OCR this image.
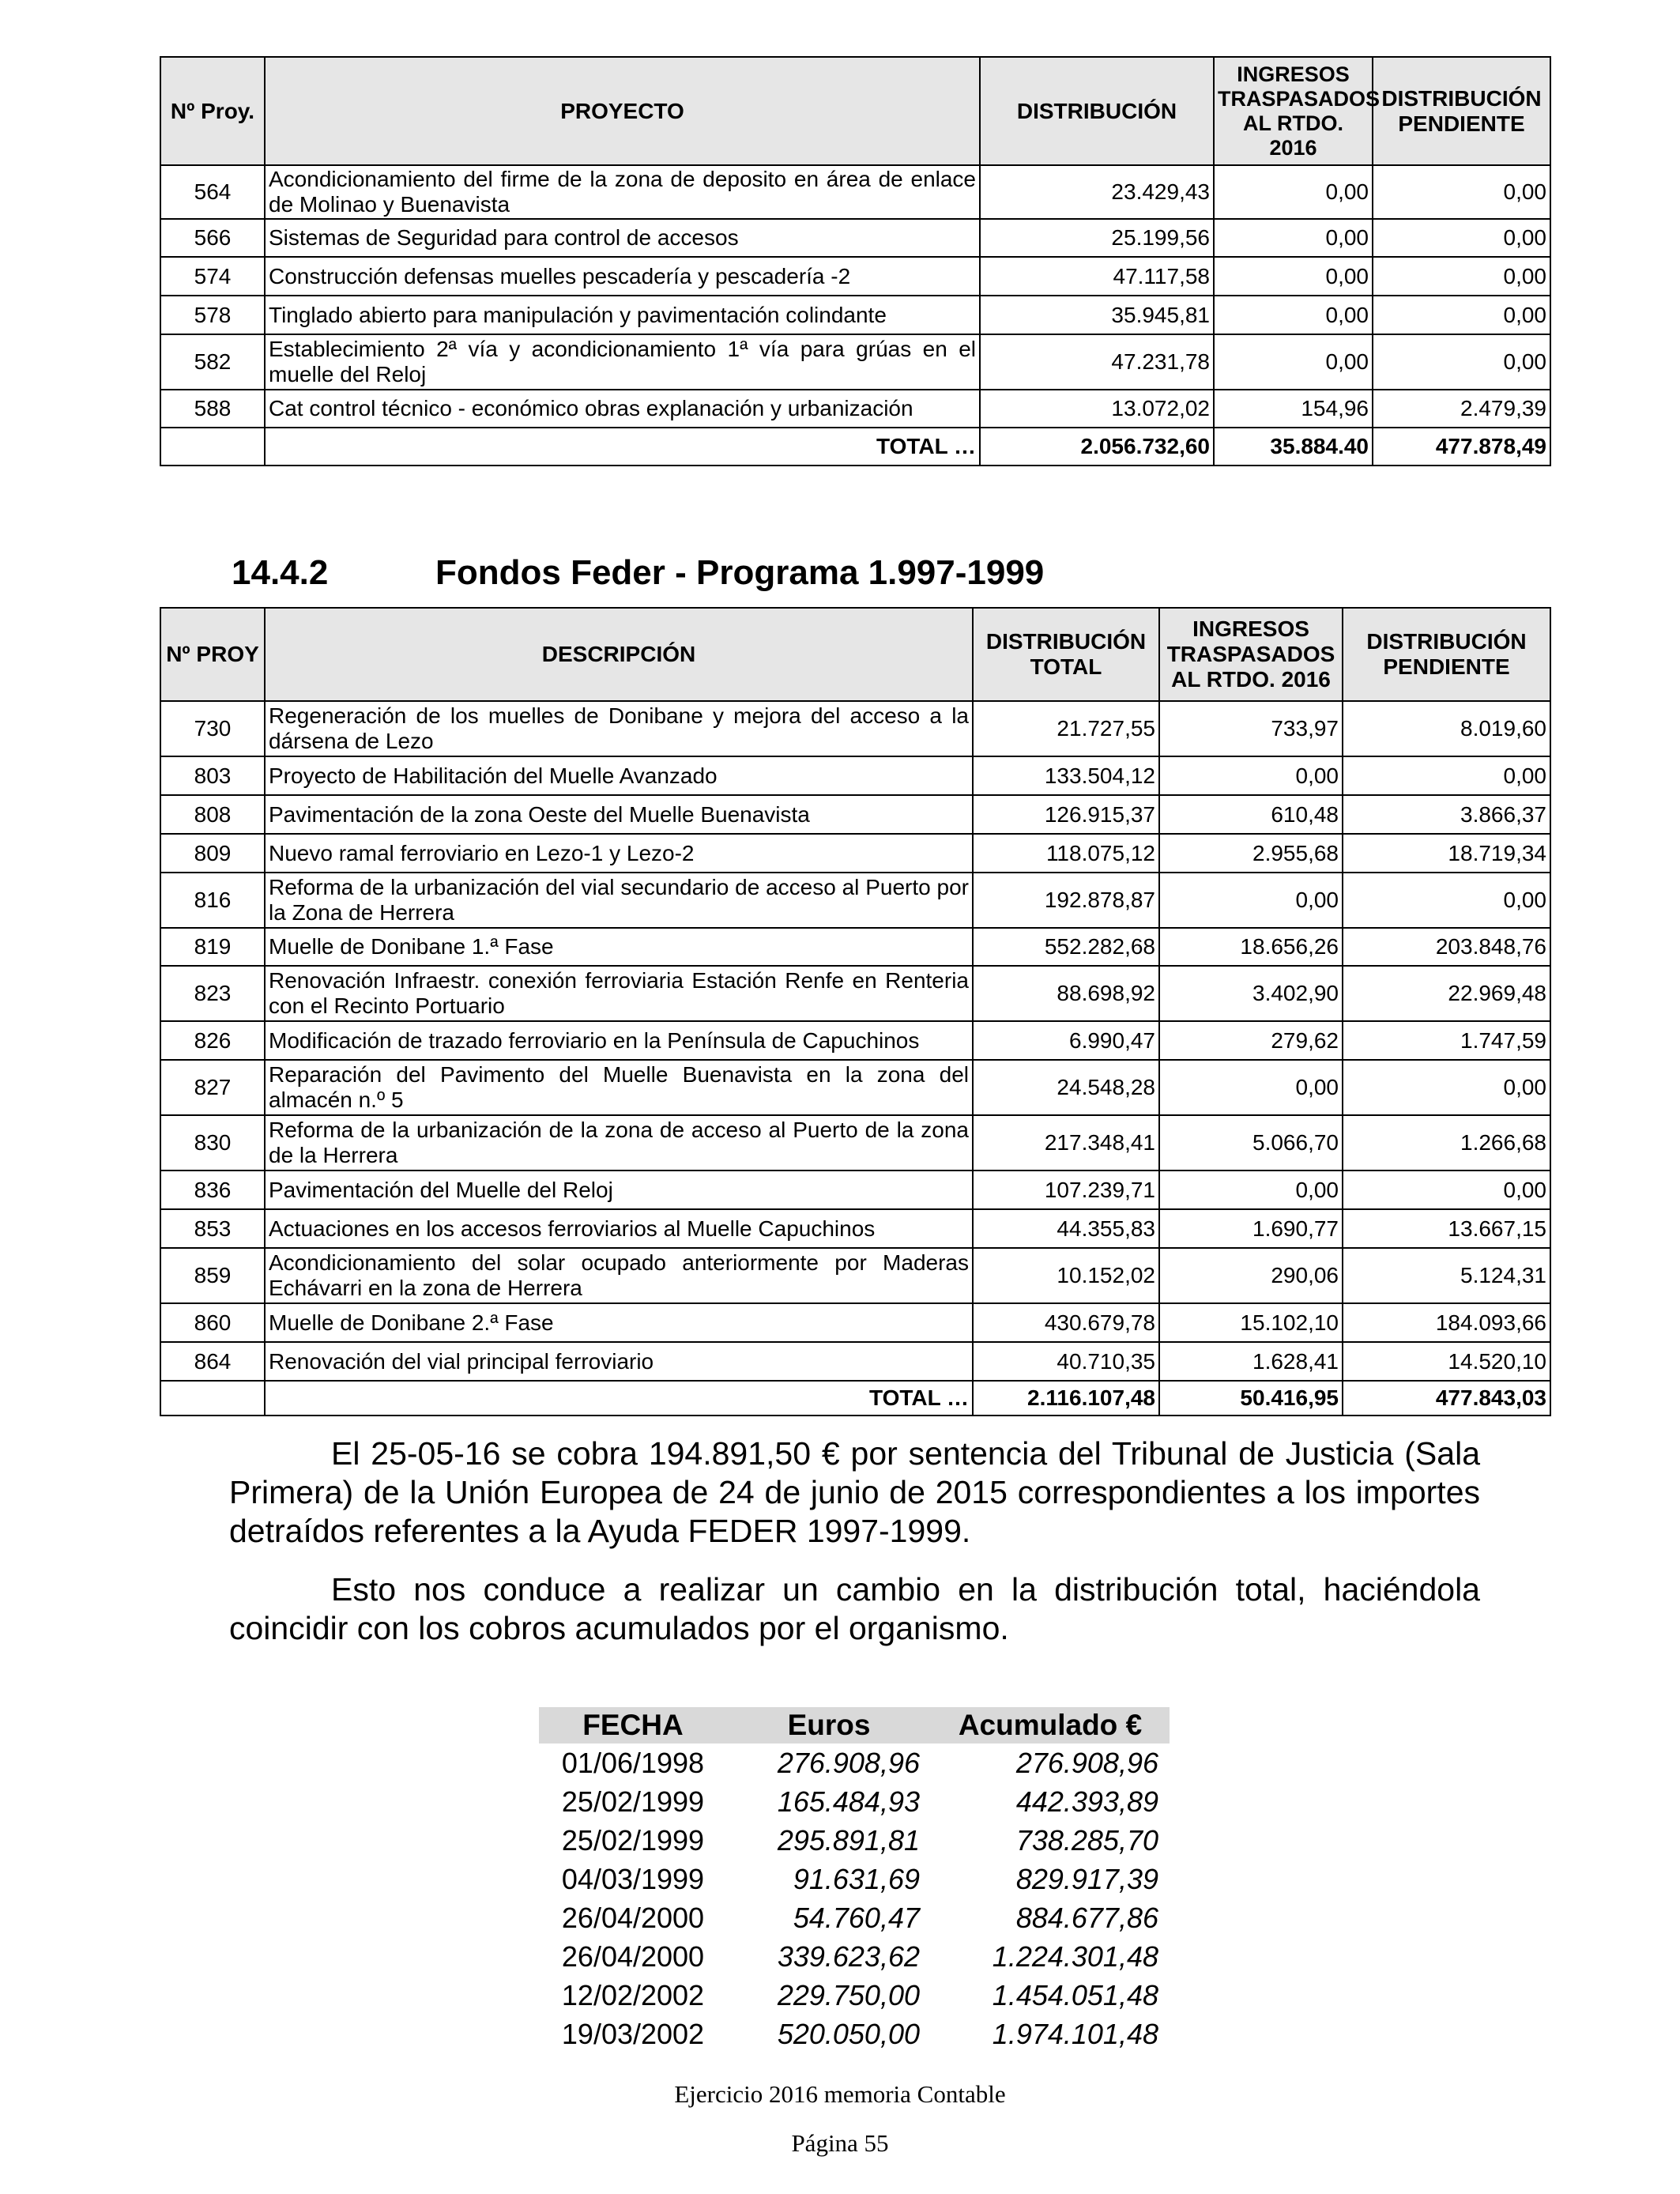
Nº Proy.	PROYECTO	DISTRIBUCIÓN	INGRESOS TRASPASADOS AL RTDO. 2016	DISTRIBUCIÓN PENDIENTE
564	Acondicionamiento del firme de la zona de deposito en área de enlace de Molinao y Buenavista	23.429,43	0,00	0,00
566	Sistemas de Seguridad para control de accesos	25.199,56	0,00	0,00
574	Construcción defensas muelles pescadería y pescadería -2	47.117,58	0,00	0,00
578	Tinglado abierto para manipulación y pavimentación colindante	35.945,81	0,00	0,00
582	Establecimiento 2ª vía y acondicionamiento 1ª vía para grúas en el muelle del Reloj	47.231,78	0,00	0,00
588	Cat control técnico - económico obras explanación y urbanización	13.072,02	154,96	2.479,39
	TOTAL …	2.056.732,60	35.884.40	477.878,49
14.4.2	Fondos Feder - Programa 1.997-1999
Nº PROY	DESCRIPCIÓN	DISTRIBUCIÓN TOTAL	INGRESOS TRASPASADOS AL RTDO. 2016	DISTRIBUCIÓN PENDIENTE
730	Regeneración de los muelles de Donibane y mejora del acceso a la dársena de Lezo	21.727,55	733,97	8.019,60
803	Proyecto de Habilitación del Muelle Avanzado	133.504,12	0,00	0,00
808	Pavimentación de la zona Oeste del Muelle Buenavista	126.915,37	610,48	3.866,37
809	Nuevo ramal ferroviario en Lezo-1 y Lezo-2	118.075,12	2.955,68	18.719,34
816	Reforma de la urbanización del vial secundario de acceso al Puerto por la Zona de Herrera	192.878,87	0,00	0,00
819	Muelle de Donibane 1.ª Fase	552.282,68	18.656,26	203.848,76
823	Renovación Infraestr. conexión ferroviaria Estación Renfe en Renteria con el Recinto Portuario	88.698,92	3.402,90	22.969,48
826	Modificación de trazado ferroviario en la Península de Capuchinos	6.990,47	279,62	1.747,59
827	Reparación del Pavimento del Muelle Buenavista en la zona del almacén n.º 5	24.548,28	0,00	0,00
830	Reforma de la urbanización de la zona de acceso al Puerto de la zona de la Herrera	217.348,41	5.066,70	1.266,68
836	Pavimentación del Muelle del Reloj	107.239,71	0,00	0,00
853	Actuaciones en los accesos ferroviarios al Muelle Capuchinos	44.355,83	1.690,77	13.667,15
859	Acondicionamiento del solar ocupado anteriormente por Maderas Echávarri en la zona de Herrera	10.152,02	290,06	5.124,31
860	Muelle de Donibane 2.ª Fase	430.679,78	15.102,10	184.093,66
864	Renovación del vial principal ferroviario	40.710,35	1.628,41	14.520,10
	TOTAL …	2.116.107,48	50.416,95	477.843,03

El 25-05-16 se cobra 194.891,50 € por sentencia del Tribunal de Justicia (Sala Primera) de la Unión Europea de 24 de junio de 2015 correspondientes a los importes detraídos referentes a la Ayuda FEDER 1997-1999.

Esto nos conduce a realizar un cambio en la distribución total, haciéndola coincidir con los cobros acumulados por el organismo.

FECHA	Euros	Acumulado €
01/06/1998	276.908,96	276.908,96
25/02/1999	165.484,93	442.393,89
25/02/1999	295.891,81	738.285,70
04/03/1999	91.631,69	829.917,39
26/04/2000	54.760,47	884.677,86
26/04/2000	339.623,62	1.224.301,48
12/02/2002	229.750,00	1.454.051,48
19/03/2002	520.050,00	1.974.101,48
Ejercicio 2016 memoria Contable
Página 55
